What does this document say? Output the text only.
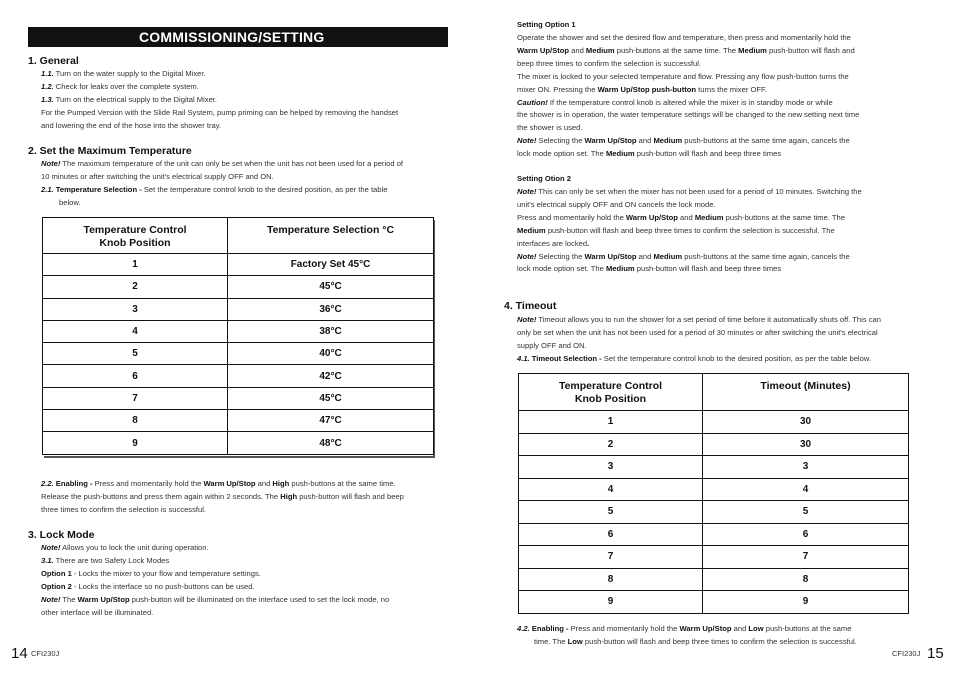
COMMISSIONING/SETTING
1. General
1.1. Turn on the water supply to the Digital Mixer.
1.2. Check for leaks over the complete system.
1.3. Turn on the electrical supply to the Digital Mixer.
For the Pumped Version with the Slide Rail System, pump priming can be helped by removing the handset
and lowering the end of the hose into the shower tray.
2. Set the Maximum Temperature
Note! The maximum temperature of the unit can only be set when the unit has not been used for a period of
10 minutes or after switching the unit's electrical supply OFF and ON.
2.1. Temperature Selection - Set the temperature control knob to the desired position, as per the table
below.
Temperature Control
Knob Position	Temperature Selection °C
1	Factory Set 45°C
2	45°C
3	36°C
4	38°C
5	40°C
6	42°C
7	45°C
8	47°C
9	48°C
2.2. Enabling - Press and momentarily hold the Warm Up/Stop and High push-buttons at the same time.
Release the push-buttons and press them again within 2 seconds. The High push-button will flash and beep
three times to confirm the selection is successful.
3. Lock Mode
Note! Allows you to lock the unit during operation.
3.1. There are two Safety Lock Modes
Option 1 - Locks the mixer to your flow and temperature settings.
Option 2 - Locks the interface so no push-buttons can be used.
Note! The Warm Up/Stop push-button will be illuminated on the interface used to set the lock mode, no
other interface will be illuminated.
14 CFI230J
Setting Option 1
Operate the shower and set the desired flow and temperature, then press and momentarily hold the
Warm Up/Stop and Medium push-buttons at the same time. The Medium push-button will flash and
beep three times to confirm the selection is successful.
The mixer is locked to your selected temperature and flow. Pressing any flow push-button turns the
mixer ON. Pressing the Warm Up/Stop push-button turns the mixer OFF.
Caution! If the temperature control knob is altered while the mixer is in standby mode or while
the shower is in operation, the water temperature settings will be changed to the new setting next time
the shower is used.
Note! Selecting the Warm Up/Stop and Medium push-buttons at the same time again, cancels the
lock mode option set. The Medium push-button will flash and beep three times
Setting Otion 2
Note! This can only be set when the mixer has not been used for a period of 10 minutes. Switching the
unit's electrical supply OFF and ON cancels the lock mode.
Press and momentarily hold the Warm Up/Stop and Medium push-buttons at the same time. The
Medium push-button will flash and beep three times to confirm the selection is successful. The
interfaces are locked.
Note! Selecting the Warm Up/Stop and Medium push-buttons at the same time again, cancels the
lock mode option set. The Medium push-button will flash and beep three times
4. Timeout
Note! Timeout allows you to run the shower for a set period of time before it automatically shuts off. This can
only be set when the unit has not been used for a period of 30 minutes or after switching the unit's electrical
supply OFF and ON.
4.1. Timeout Selection - Set the temperature control knob to the desired position, as per the table below.
Temperature Control
Knob Position	Timeout (Minutes)
1	30
2	30
3	3
4	4
5	5
6	6
7	7
8	8
9	9
4.2. Enabling - Press and momentarily hold the Warm Up/Stop and Low push-buttons at the same
time. The Low push-button will flash and beep three times to confirm the selection is successful.
CFI230J 15
